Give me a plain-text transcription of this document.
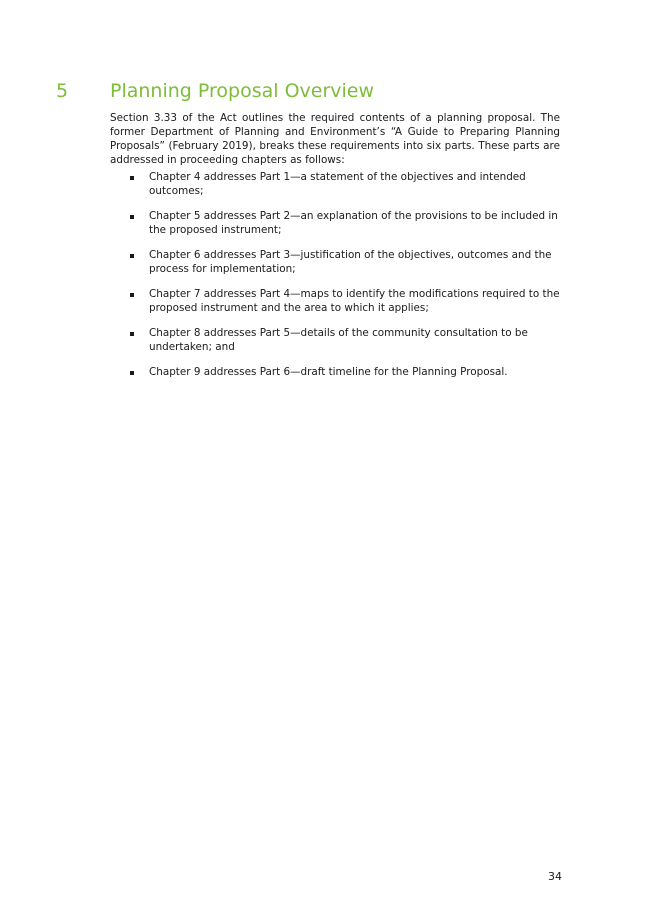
5	Planning Proposal Overview

Section 3.33 of the Act outlines the required contents of a planning proposal. The former Department of Planning and Environment’s “A Guide to Preparing Planning Proposals” (February 2019), breaks these requirements into six parts. These parts are addressed in proceeding chapters as follows:

Chapter 4 addresses Part 1—a statement of the objectives and intended outcomes;
Chapter 5 addresses Part 2—an explanation of the provisions to be included in the proposed instrument;
Chapter 6 addresses Part 3—justification of the objectives, outcomes and the process for implementation;
Chapter 7 addresses Part 4—maps to identify the modifications required to the proposed instrument and the area to which it applies;
Chapter 8 addresses Part 5—details of the community consultation to be undertaken; and
Chapter 9 addresses Part 6—draft timeline for the Planning Proposal.
34
